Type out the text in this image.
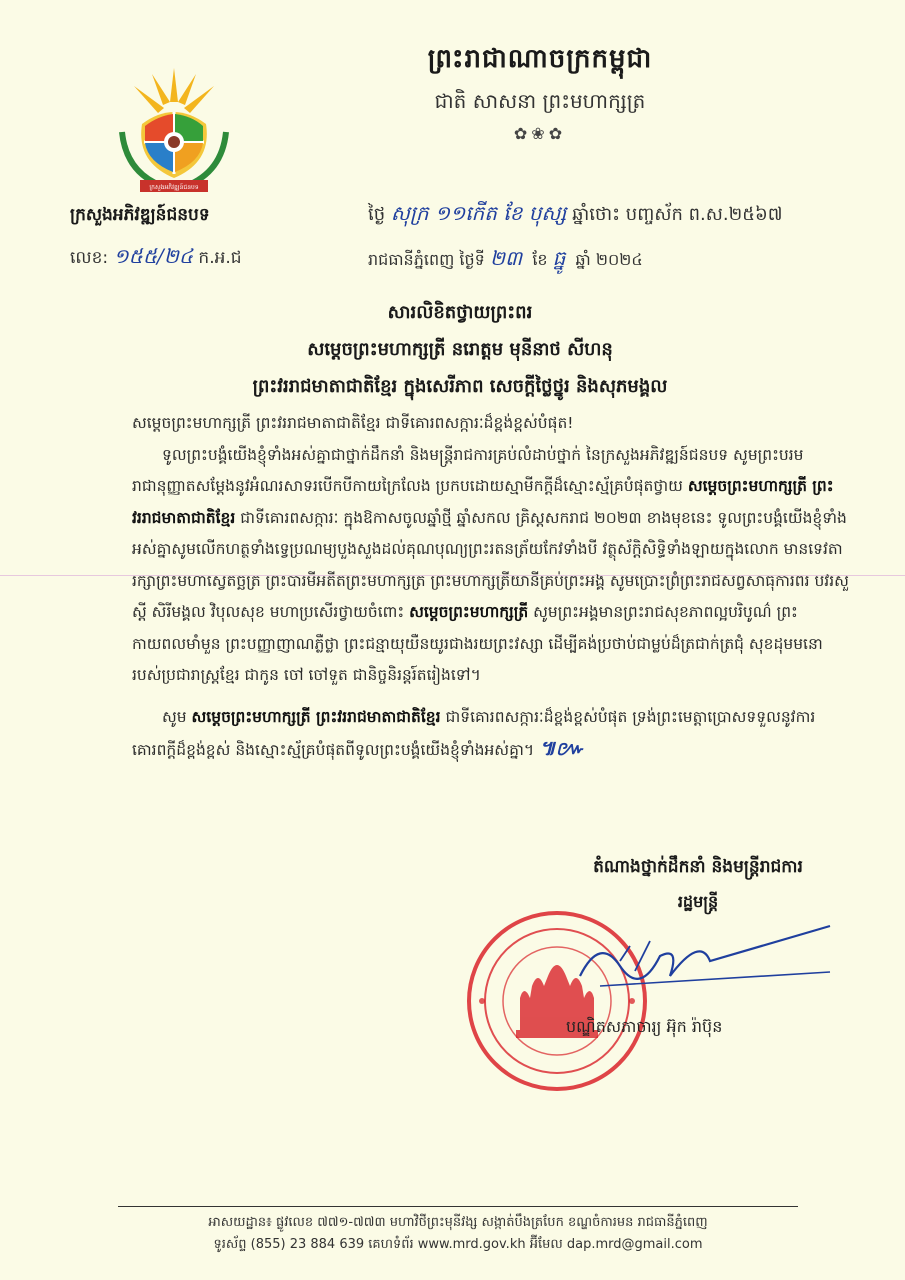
ព្រះរាជាណាចក្រកម្ពុជា
ជាតិ សាសនា ព្រះមហាក្សត្រ
✿❀✿
ក្រសួងអភិវឌ្ឍន៍ជនបទ
ក្រសួងអភិវឌ្ឍន៍ជនបទ
លេខ: ១៥៥/២៤ ក.អ.ជ
ថ្ងៃ សុក្រ ១១កើត ខែ បុស្ស ឆ្នាំថោះ បញ្ចស័ក ព.ស.២៥៦៧
រាជធានីភ្នំពេញ ថ្ងៃទី ២៣ ខែ ធ្នូ ឆ្នាំ ២០២៤
សារលិខិតថ្វាយព្រះពរ
សម្តេចព្រះមហាក្សត្រី នរោត្តម មុនីនាថ សីហនុ
ព្រះវររាជមាតាជាតិខ្មែរ ក្នុងសេរីភាព សេចក្តីថ្លៃថ្នូរ និងសុភមង្គល

សម្តេចព្រះមហាក្សត្រី ព្រះវររាជមាតាជាតិខ្មែរ ជាទីគោរពសក្ការៈដ៏ខ្ពង់ខ្ពស់បំផុត!

ទូលព្រះបង្គំយើងខ្ញុំទាំងអស់គ្នាជាថ្នាក់ដឹកនាំ និងមន្ត្រីរាជការគ្រប់លំដាប់ថ្នាក់ នៃក្រសួងអភិវឌ្ឍន៍ជនបទ សូមព្រះបរមរាជានុញ្ញាតសម្តែងនូវអំណរសាទរបើកបីកាយក្រៃលែង ប្រកបដោយស្មាមីកក្តីដ៏ស្មោះស្ម័គ្របំផុតថ្វាយ សម្តេចព្រះមហាក្សត្រី ព្រះវររាជមាតាជាតិខ្មែរ ជាទីគោរពសក្ការៈ ក្នុងឱកាសចូលឆ្នាំថ្មី ឆ្នាំសកល គ្រិស្តសករាជ ២០២៣ ខាងមុខនេះ ទូលព្រះបង្គំយើងខ្ញុំទាំងអស់គ្នាសូមលើកហត្ថទាំងទ្វេប្រណម្យបួងសួងដល់គុណបុណ្យព្រះរតនត្រ័យកែវទាំងបី វត្ថុស័ក្តិសិទ្ធិទាំងឡាយក្នុងលោក មានទេវតារក្សាព្រះមហាស្វេតច្ឆត្រ ព្រះបារមីអតីតព្រះមហាក្សត្រ ព្រះមហាក្សត្រីយានីគ្រប់ព្រះអង្គ សូមប្រោះព្រំព្រះរាជសព្វសាធុការពរ បវរសួស្តី សិរីមង្គល វិបុលសុខ មហាប្រសើរថ្វាយចំពោះ សម្តេចព្រះមហាក្សត្រី សូមព្រះអង្គមានព្រះរាជសុខភាពល្អបរិបូណ៌ ព្រះកាយពលមាំមួន ព្រះបញ្ញាញាណភ្លឺថ្លា ព្រះជន្មាយុយឺនយូរជាងរយព្រះវស្សា ដើម្បីគង់ប្រថាប់ជាម្លប់ដ៏ត្រជាក់ត្រជុំ សុខដុមមនោរបស់ប្រជារាស្ត្រខ្មែរ ជាកូន ចៅ ចៅទួត ជានិច្ចនិរន្តរ៍តរៀងទៅ។

សូម សម្តេចព្រះមហាក្សត្រី ព្រះវររាជមាតាជាតិខ្មែរ ជាទីគោរពសក្ការៈដ៏ខ្ពង់ខ្ពស់បំផុត ទ្រង់ព្រះមេត្តាប្រោសទទួលនូវការគោរពក្តីដ៏ខ្ពង់ខ្ពស់ និងស្មោះស្ម័គ្របំផុតពីទូលព្រះបង្គំយើងខ្ញុំទាំងអស់គ្នា។ ៕៚

តំណាងថ្នាក់ដឹកនាំ និងមន្ត្រីរាជការ
រដ្ឋមន្ត្រី
បណ្ឌិតសភាចារ្យ អ៊ុក រ៉ាប៊ុន
អាសយដ្ឋាន៖ ផ្លូវលេខ ៧៧១-៧៧៣ មហាវិថីព្រះមុនីវង្ស សង្កាត់បឹងត្របែក ខណ្ឌចំការមន រាជធានីភ្នំពេញ
ទូរស័ព្ទ (855) 23 884 639 គេហទំព័រ www.mrd.gov.kh អ៊ីមែល dap.mrd@gmail.com
